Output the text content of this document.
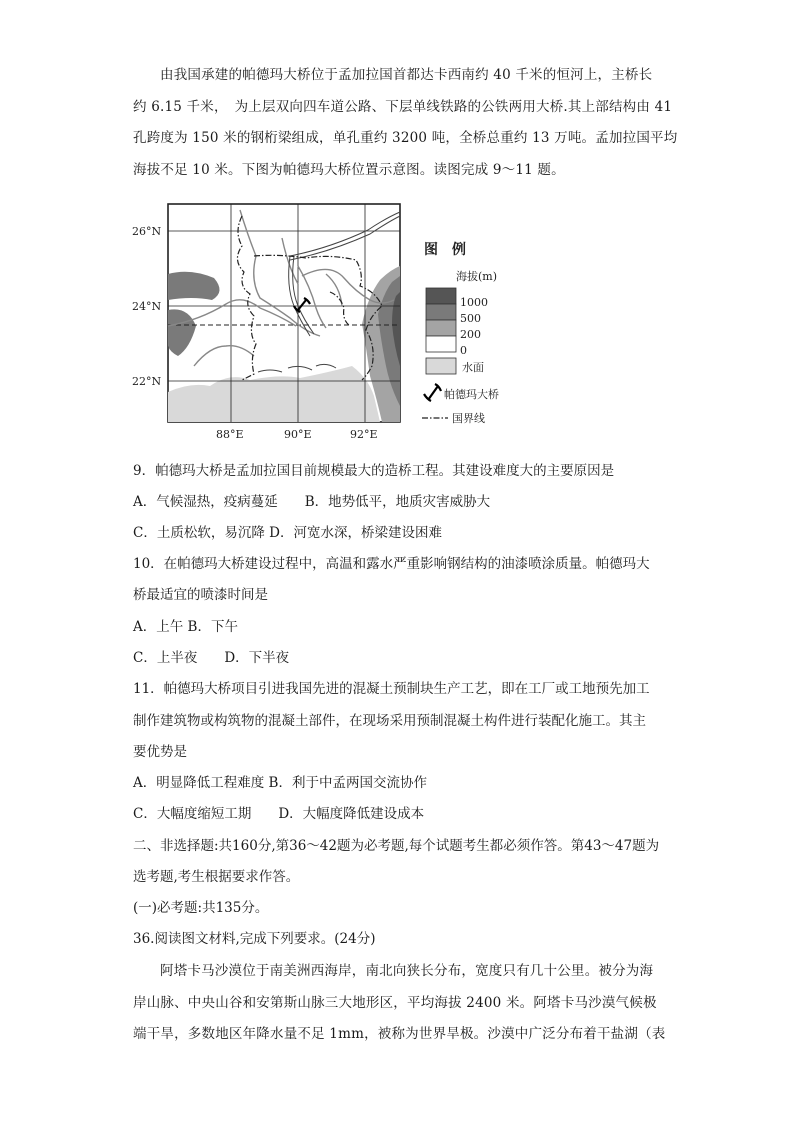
由我国承建的帕德玛大桥位于孟加拉国首都达卡西南约 40 千米的恒河上，主桥长
约 6.15 千米，　为上层双向四车道公路、下层单线铁路的公铁两用大桥.其上部结构由 41
孔跨度为 150 米的钢桁梁组成，单孔重约 3200 吨，全桥总重约 13 万吨。孟加拉国平均
海拔不足 10 米。下图为帕德玛大桥位置示意图。读图完成 9～11 题。
26°N
24°N
22°N
88°E	90°E	92°E
图　例
海拔(m)
1000
500
200
0
水面
帕德玛大桥
国界线
9．帕德玛大桥是孟加拉国目前规模最大的造桥工程。其建设难度大的主要原因是
A．气候湿热，疫病蔓延　　B．地势低平，地质灾害威胁大
C．土质松软，易沉降 D．河宽水深，桥梁建设困难
10．在帕德玛大桥建设过程中，高温和露水严重影响钢结构的油漆喷涂质量。帕德玛大
桥最适宜的喷漆时间是
A．上午 B．下午
C．上半夜　　D．下半夜
11．帕德玛大桥项目引进我国先进的混凝土预制块生产工艺，即在工厂或工地预先加工
制作建筑物或构筑物的混凝土部件，在现场采用预制混凝土构件进行装配化施工。其主
要优势是
A．明显降低工程难度 B．利于中孟两国交流协作
C．大幅度缩短工期　　D．大幅度降低建设成本
二、非选择题:共160分,第36～42题为必考题,每个试题考生都必须作答。第43～47题为
选考题,考生根据要求作答。
(一)必考题:共135分。
36.阅读图文材料,完成下列要求。(24分)
阿塔卡马沙漠位于南美洲西海岸，南北向狭长分布，宽度只有几十公里。被分为海
岸山脉、中央山谷和安第斯山脉三大地形区，平均海拔 2400 米。阿塔卡马沙漠气候极
端干旱，多数地区年降水量不足 1mm，被称为世界旱极。沙漠中广泛分布着干盐湖（表
